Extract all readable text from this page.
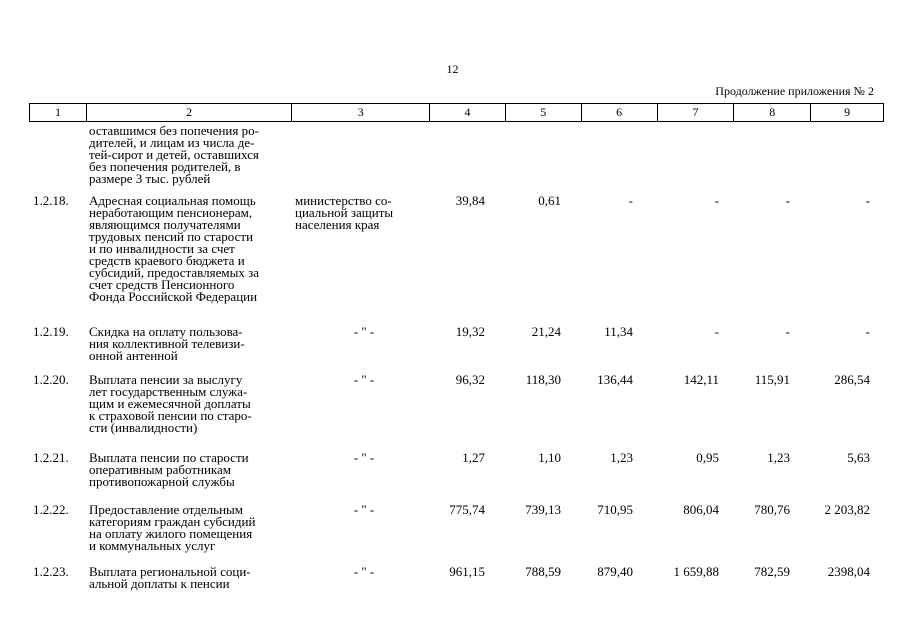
12
Продолжение приложения № 2
1	2	3	4	5	6	7	8	9
оставшимся без попечения ро-
дителей, и лицам из числа де-
тей-сирот и детей, оставшихся
без попечения родителей, в
размере 3 тыс. рублей
1.2.18. Адресная социальная помощь
неработающим пенсионерам,
являющимся получателями
трудовых пенсий по старости
и по инвалидности за счет
средств краевого бюджета и
субсидий, предоставляемых за
счет средств Пенсионного
Фонда Российской Федерации
министерство со-
циальной защиты
населения края
39,84	0,61	-	-	-	-
1.2.19. Скидка на оплату пользова-
ния коллективной телевизи-
онной антенной
- " -	19,32	21,24	11,34	-	-	-
1.2.20. Выплата пенсии за выслугу
лет государственным служа-
щим и ежемесячной доплаты
к страховой пенсии по старо-
сти (инвалидности)
- " -	96,32	118,30	136,44	142,11	115,91	286,54
1.2.21. Выплата пенсии по старости
оперативным работникам
противопожарной службы
- " -	1,27	1,10	1,23	0,95	1,23	5,63
1.2.22. Предоставление отдельным
категориям граждан субсидий
на оплату жилого помещения
и коммунальных услуг
- " -	775,74	739,13	710,95	806,04	780,76	2 203,82
1.2.23. Выплата региональной соци-
альной доплаты к пенсии
- " -	961,15	788,59	879,40	1 659,88	782,59	2398,04
